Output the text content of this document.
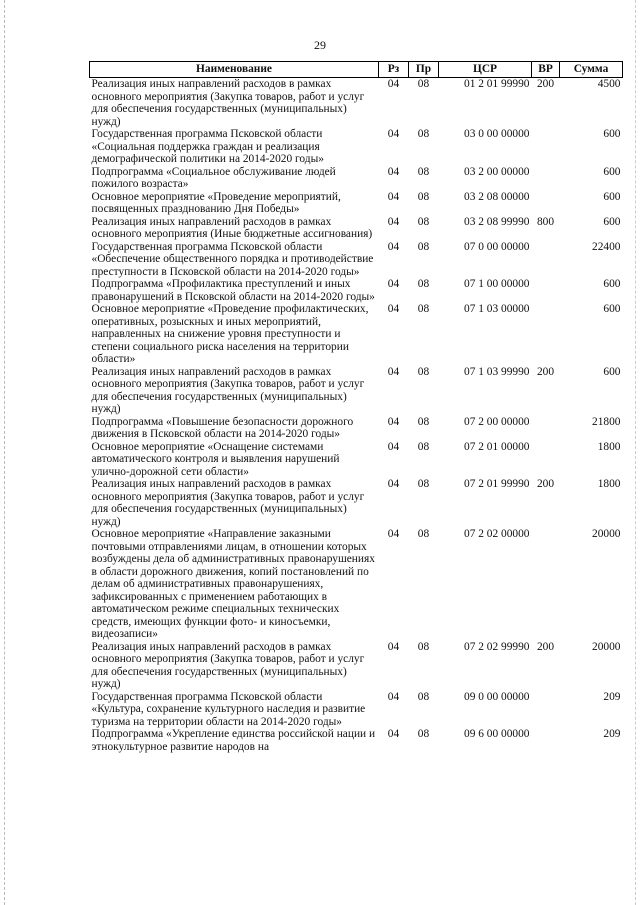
29
Наименование	Рз	Пр	ЦСР	ВР	Сумма
Реализация иных направлений расходов в рамках основного мероприятия (Закупка товаров, работ и услуг для обеспечения государственных (муниципальных) нужд)	04	08	01 2 01 99990	200	4500
Государственная программа Псковской области «Социальная поддержка граждан и реализация демографической политики на 2014-2020 годы»	04	08	03 0 00 00000		600
Подпрограмма «Социальное обслуживание людей пожилого возраста»	04	08	03 2 00 00000		600
Основное мероприятие «Проведение мероприятий, посвященных празднованию Дня Победы»	04	08	03 2 08 00000		600
Реализация иных направлений расходов в рамках основного мероприятия (Иные бюджетные ассигнования)	04	08	03 2 08 99990	800	600
Государственная программа Псковской области «Обеспечение общественного порядка и противодействие преступности в Псковской области на 2014-2020 годы»	04	08	07 0 00 00000		22400
Подпрограмма «Профилактика преступлений и иных правонарушений в Псковской области на 2014-2020 годы»	04	08	07 1 00 00000		600
Основное мероприятие «Проведение профилактических, оперативных, розыскных и иных мероприятий, направленных на снижение уровня преступности и степени социального риска населения на территории области»	04	08	07 1 03 00000		600
Реализация иных направлений расходов в рамках основного мероприятия (Закупка товаров, работ и услуг для обеспечения государственных (муниципальных) нужд)	04	08	07 1 03 99990	200	600
Подпрограмма «Повышение безопасности дорожного движения в Псковской области на 2014-2020 годы»	04	08	07 2 00 00000		21800
Основное мероприятие «Оснащение системами автоматического контроля и выявления нарушений улично-дорожной сети области»	04	08	07 2 01 00000		1800
Реализация иных направлений расходов в рамках основного мероприятия (Закупка товаров, работ и услуг для обеспечения государственных (муниципальных) нужд)	04	08	07 2 01 99990	200	1800
Основное мероприятие «Направление заказными почтовыми отправлениями лицам, в отношении которых возбуждены дела об административных правонарушениях в области дорожного движения, копий постановлений по делам об административных правонарушениях, зафиксированных с применением работающих в автоматическом режиме специальных технических средств, имеющих функции фото- и киносъемки, видеозаписи»	04	08	07 2 02 00000		20000
Реализация иных направлений расходов в рамках основного мероприятия (Закупка товаров, работ и услуг для обеспечения государственных (муниципальных) нужд)	04	08	07 2 02 99990	200	20000
Государственная программа Псковской области «Культура, сохранение культурного наследия и развитие туризма на территории области на 2014-2020 годы»	04	08	09 0 00 00000		209
Подпрограмма «Укрепление единства российской нации и этнокультурное развитие народов на	04	08	09 6 00 00000		209
